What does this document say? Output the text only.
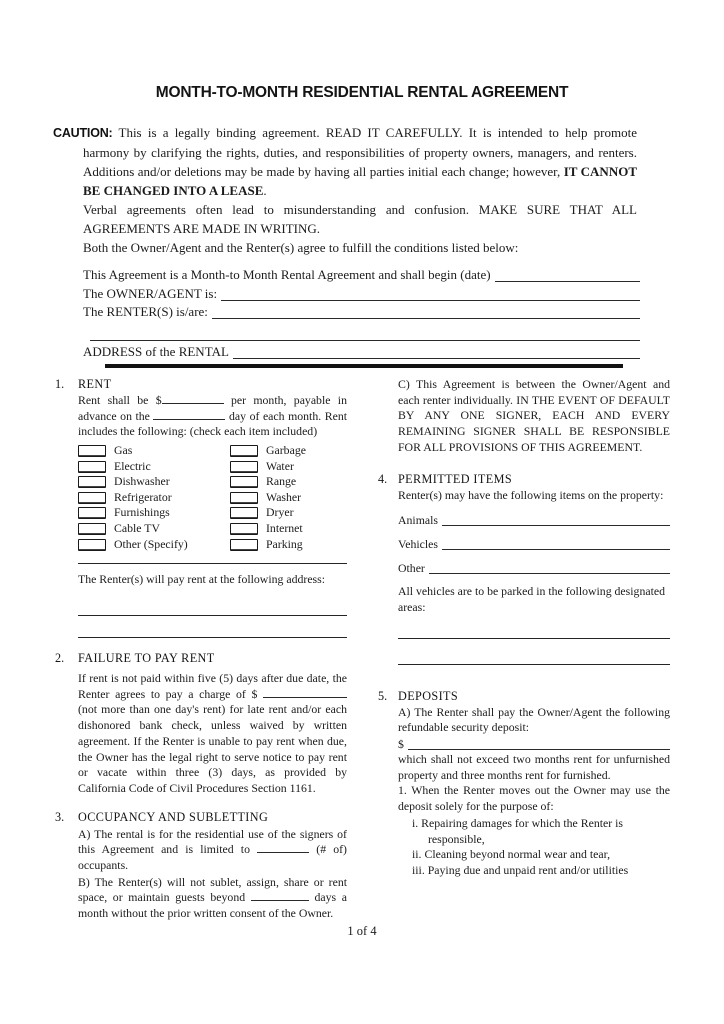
MONTH-TO-MONTH RESIDENTIAL RENTAL AGREEMENT

CAUTION: This is a legally binding agreement. READ IT CAREFULLY. It is intended to help promote harmony by clarifying the rights, duties, and responsibilities of property owners, managers, and renters. Additions and/or deletions may be made by having all parties initial each change; however, IT CANNOT BE CHANGED INTO A LEASE.

Verbal agreements often lead to misunderstanding and confusion. MAKE SURE THAT ALL AGREEMENTS ARE MADE IN WRITING.

Both the Owner/Agent and the Renter(s) agree to fulfill the conditions listed below:

This Agreement is a Month-to Month Rental Agreement and shall begin (date)
The OWNER/AGENT is:
The RENTER(S) is/are:
ADDRESS of the RENTAL
1. RENT

Rent shall be $	per month, payable in advance on the	day of each month. Rent includes the following: (check each item included)

Gas	Garbage
Electric	Water
Dishwasher	Range
Refrigerator	Washer
Furnishings	Dryer
Cable TV	Internet
Other (Specify)	Parking

The Renter(s) will pay rent at the following address:

2. FAILURE TO PAY RENT

If rent is not paid within five (5) days after due date, the Renter agrees to pay a charge of $  (not more than one day's rent) for late rent and/or each dishonored bank check, unless waived by written agreement. If the Renter is unable to pay rent when due, the Owner has the legal right to serve notice to pay rent or vacate within three (3) days, as provided by California Code of Civil Procedures Section 1161.

3. OCCUPANCY AND SUBLETTING

A) The rental is for the residential use of the signers of this Agreement and is limited to	(# of) occupants.

B) The Renter(s) will not sublet, assign, share or rent space, or maintain guests beyond	days a month without the prior written consent of the Owner.

C) This Agreement is between the Owner/Agent and each renter individually. IN THE EVENT OF DEFAULT BY ANY ONE SIGNER, EACH AND EVERY REMAINING SIGNER SHALL BE RESPONSIBLE FOR ALL PROVISIONS OF THIS AGREEMENT.

4. PERMITTED ITEMS

Renter(s) may have the following items on the property:

Animals
Vehicles
Other

All vehicles are to be parked in the following designated areas:

5. DEPOSITS

A) The Renter shall pay the Owner/Agent the following refundable security deposit:

$

which shall not exceed two months rent for unfurnished property and three months rent for furnished.

1. When the Renter moves out the Owner may use the deposit solely for the purpose of:

i. Repairing damages for which the Renter is responsible,
ii. Cleaning beyond normal wear and tear,
iii. Paying due and unpaid rent and/or utilities
1 of 4
